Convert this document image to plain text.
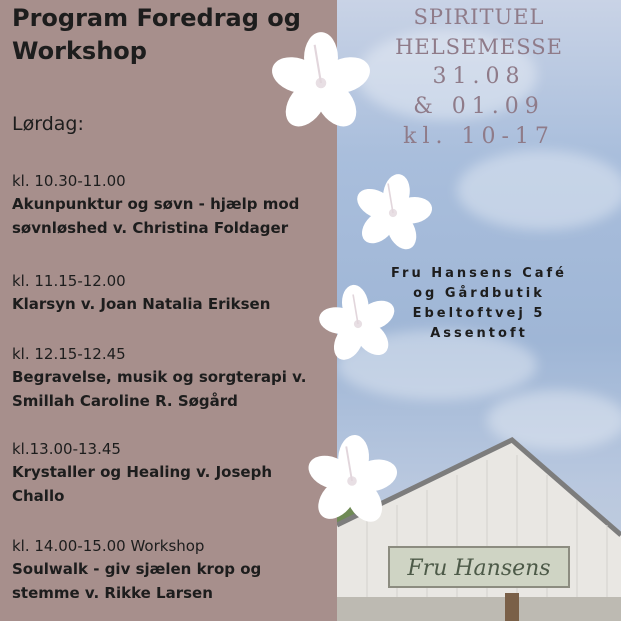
Program Foredrag og
Workshop
Lørdag:
kl. 10.30-11.00
Akunpunktur og søvn - hjælp mod
søvnløshed v. Christina Foldager
kl. 11.15-12.00
Klarsyn v. Joan Natalia Eriksen
kl. 12.15-12.45
Begravelse, musik og sorgterapi v.
Smillah Caroline R. Søgård
kl.13.00-13.45
Krystaller og Healing v. Joseph
Challo
kl. 14.00-15.00 Workshop
Soulwalk - giv sjælen krop og
stemme v. Rikke Larsen
SPIRITUEL
HELSEMESSE
31.08
& 01.09
kl. 10-17
Fru Hansens Café
og Gårdbutik
Ebeltoftvej 5
Assentoft
Fru Hansens
